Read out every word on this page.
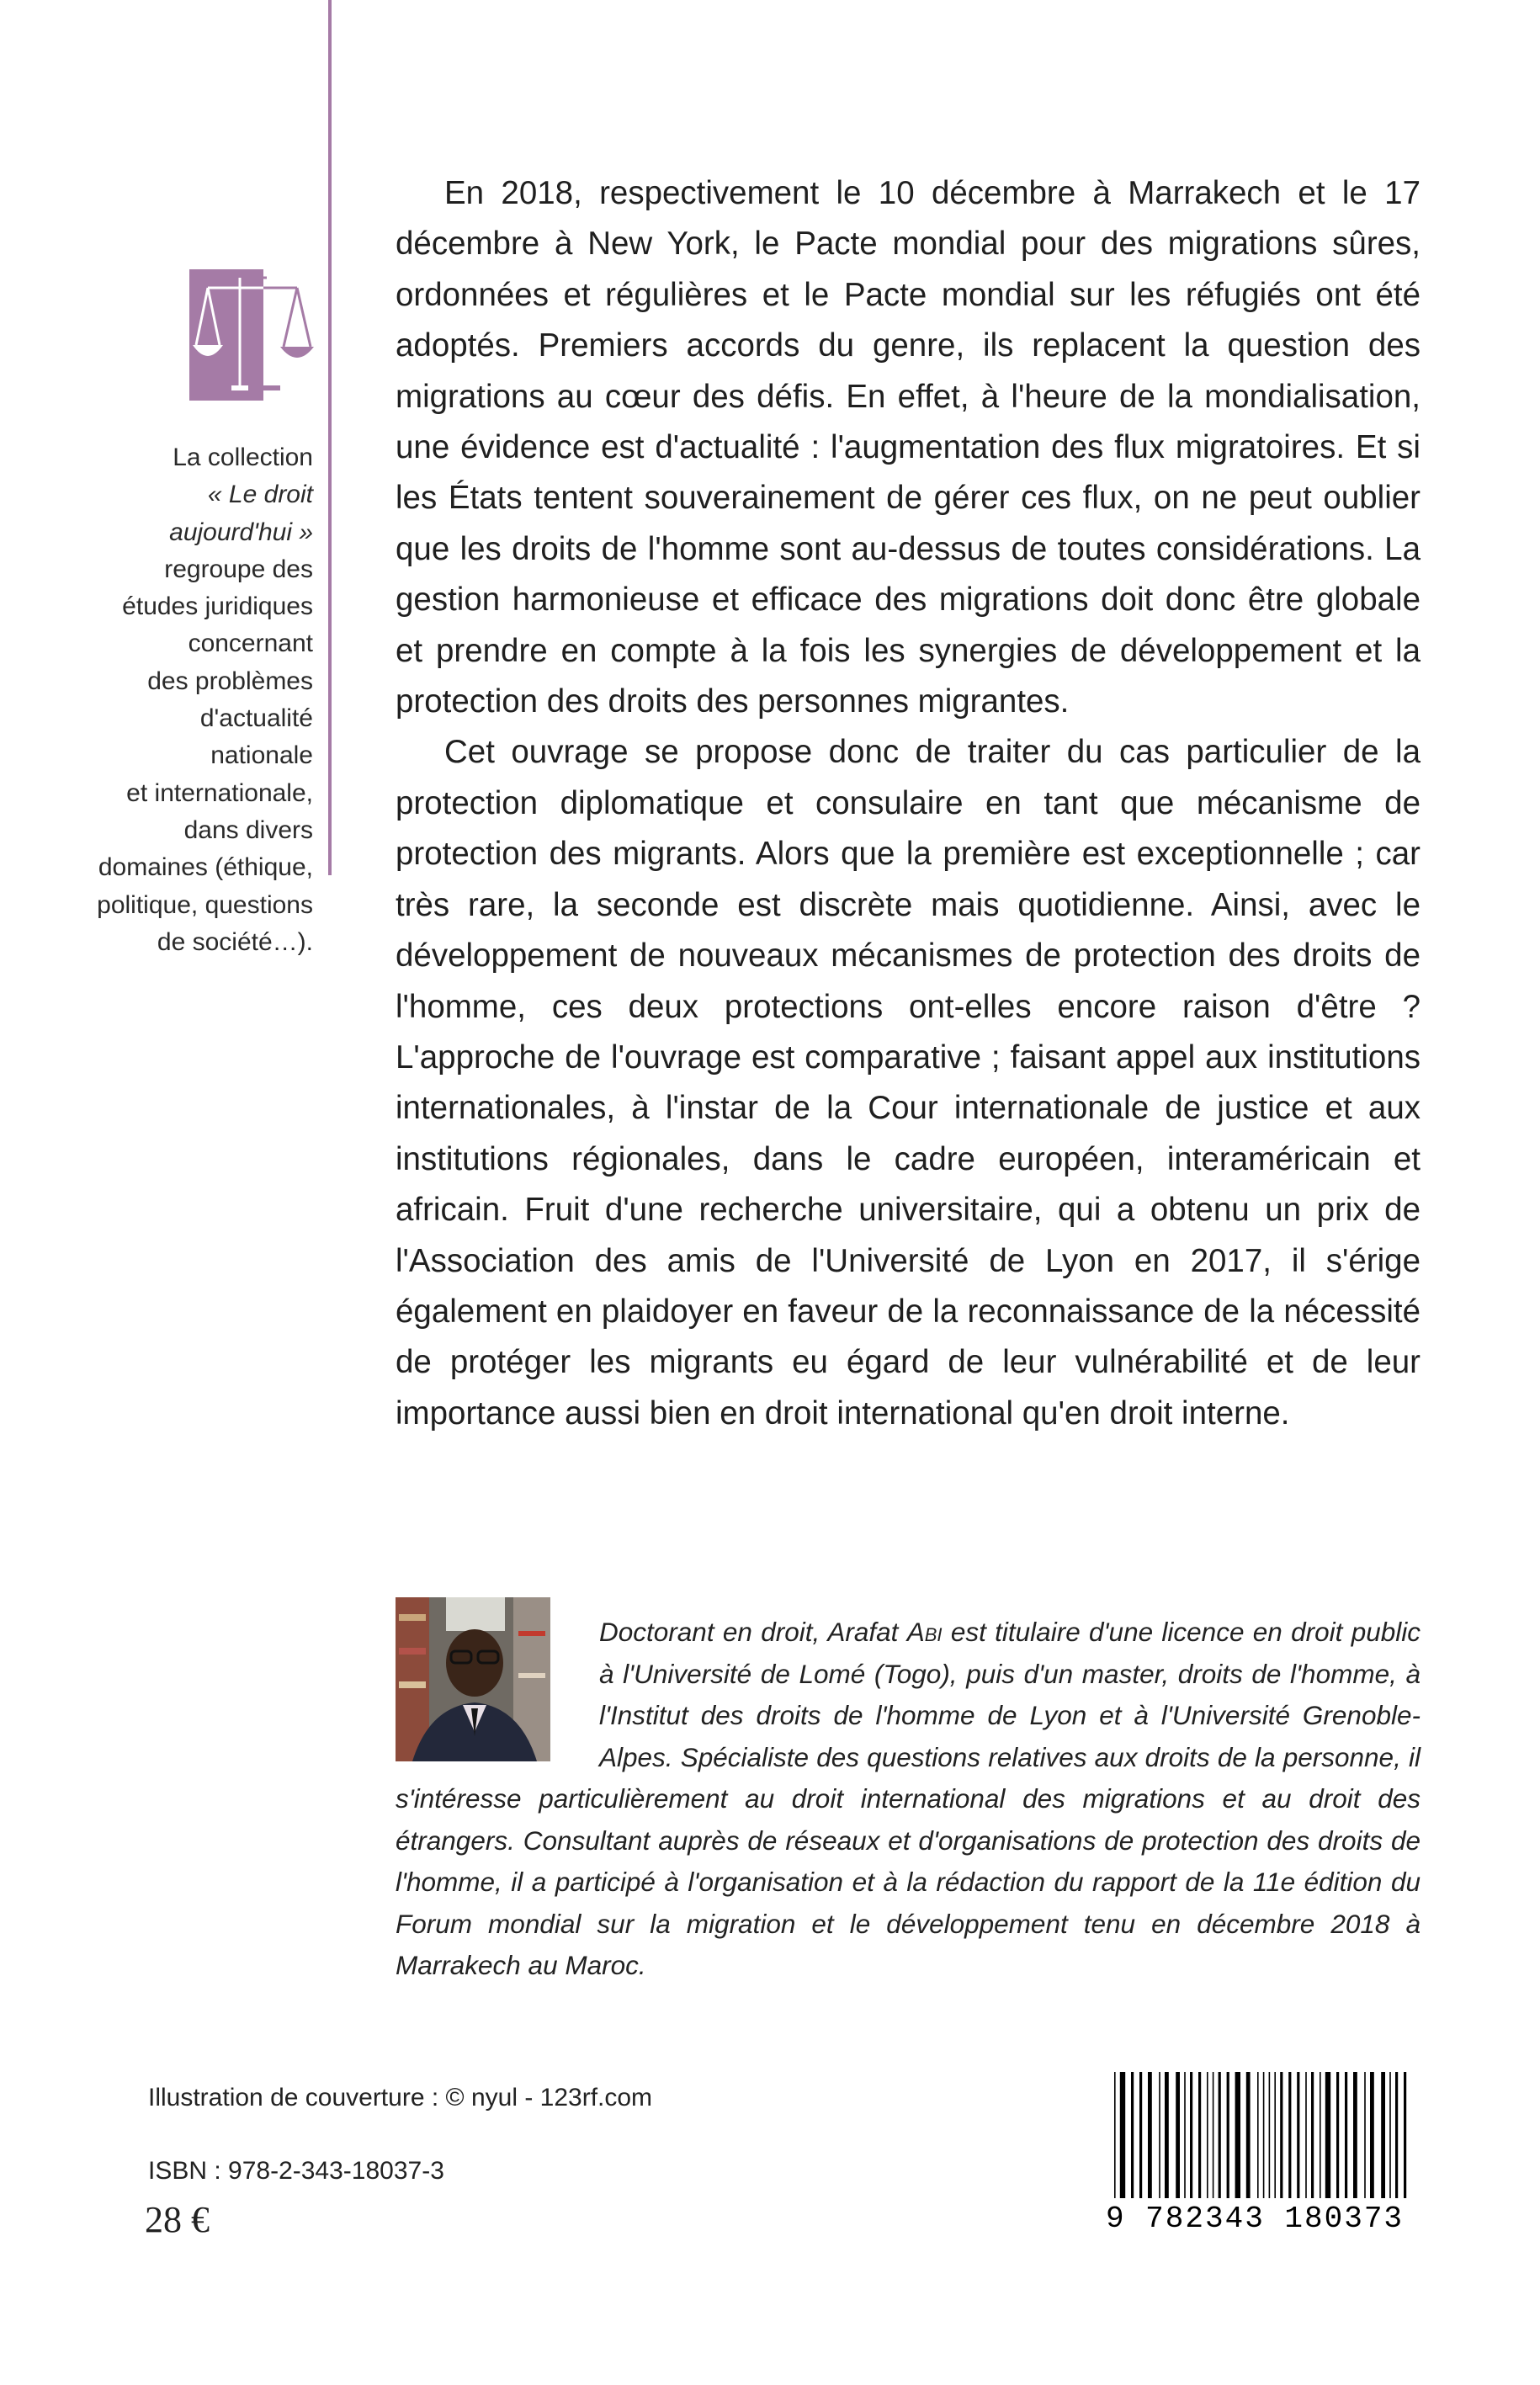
La collection

« Le droit

aujourd'hui »

regroupe des

études juridiques

concernant

des problèmes

d'actualité nationale

et internationale,

dans divers

domaines (éthique,

politique, questions

de société…).

En 2018, respectivement le 10 décembre à Marrakech et le 17 décembre à New York, le Pacte mondial pour des migrations sûres, ordonnées et régulières et le Pacte mondial sur les réfugiés ont été adoptés. Premiers accords du genre, ils replacent la question des migrations au cœur des défis. En effet, à l'heure de la mondialisation, une évidence est d'actualité : l'augmentation des flux migratoires. Et si les États tentent souverainement de gérer ces flux, on ne peut oublier que les droits de l'homme sont au-dessus de toutes considérations. La gestion harmonieuse et efficace des migrations doit donc être globale et prendre en compte à la fois les synergies de développement et la protection des droits des personnes migrantes.

Cet ouvrage se propose donc de traiter du cas particulier de la protection diplomatique et consulaire en tant que mécanisme de protection des migrants. Alors que la première est exceptionnelle ; car très rare, la seconde est discrète mais quotidienne. Ainsi, avec le développement de nouveaux mécanismes de protection des droits de l'homme, ces deux protections ont-elles encore raison d'être ? L'approche de l'ouvrage est comparative ; faisant appel aux institutions internationales, à l'instar de la Cour internationale de justice et aux institutions régionales, dans le cadre européen, interaméricain et africain. Fruit d'une recherche universitaire, qui a obtenu un prix de l'Association des amis de l'Université de Lyon en 2017, il s'érige également en plaidoyer en faveur de la reconnaissance de la nécessité de protéger les migrants eu égard de leur vulnérabilité et de leur importance aussi bien en droit international qu'en droit interne.

Doctorant en droit, Arafat Abi est titulaire d'une licence en droit public à l'Université de Lomé (Togo), puis d'un master, droits de l'homme, à l'Institut des droits de l'homme de Lyon et à l'Université Grenoble-Alpes. Spécialiste des questions relatives aux droits de la personne, il s'intéresse particulièrement au droit international des migrations et au droit des étrangers. Consultant auprès de réseaux et d'organisations de protection des droits de l'homme, il a participé à l'organisation et à la rédaction du rapport de la 11e édition du Forum mondial sur la migration et le développement tenu en décembre 2018 à Marrakech au Maroc.

Illustration de couverture : © nyul - 123rf.com
ISBN : 978-2-343-18037-3
28 €	9 782343 180373
